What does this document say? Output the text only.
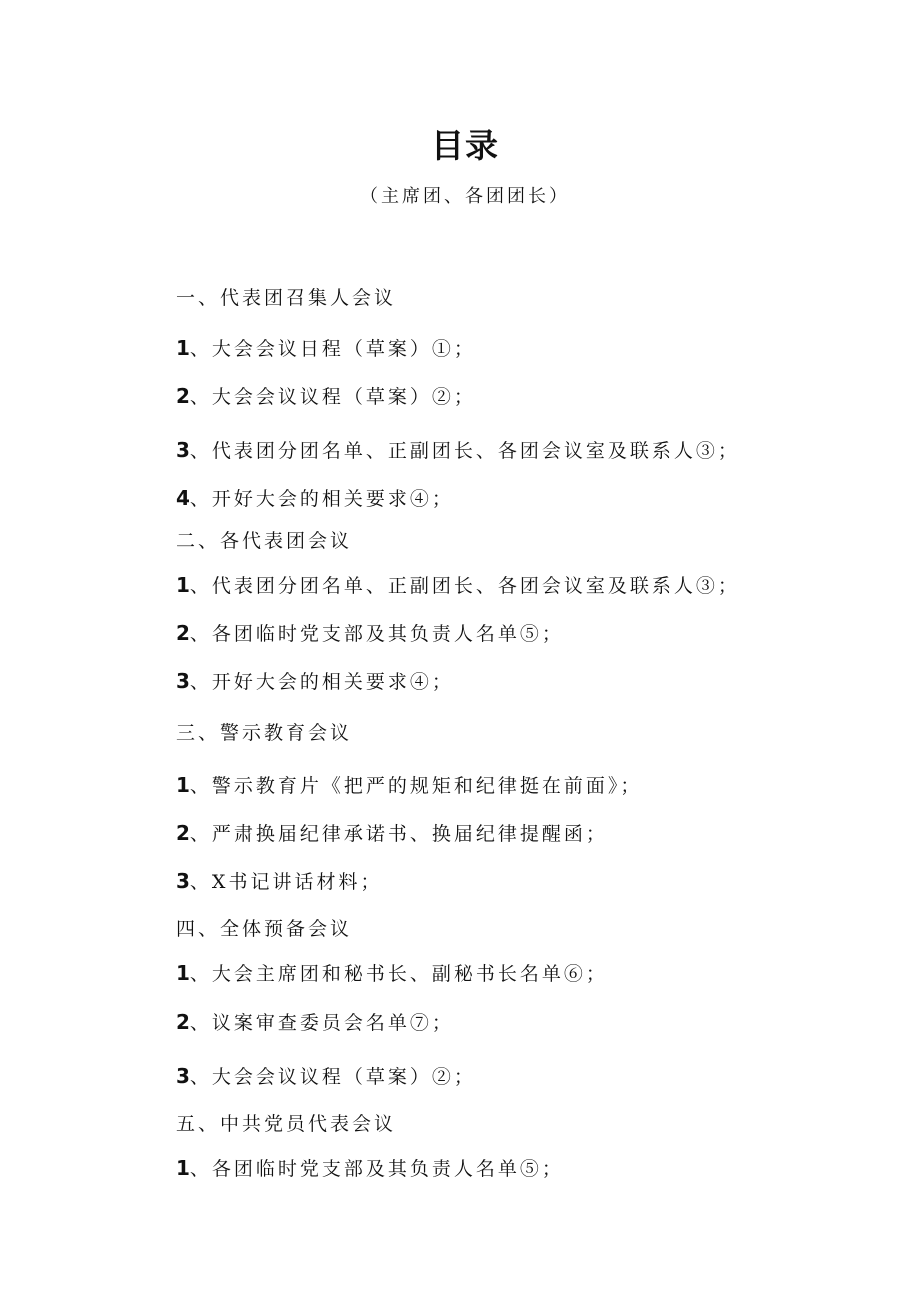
目录
（主席团、各团团长）
一、代表团召集人会议
1、大会会议日程（草案）①；
2、大会会议议程（草案）②；
3、代表团分团名单、正副团长、各团会议室及联系人③；
4、开好大会的相关要求④；
二、各代表团会议
1、代表团分团名单、正副团长、各团会议室及联系人③；
2、各团临时党支部及其负责人名单⑤；
3、开好大会的相关要求④；
三、警示教育会议
1、警示教育片《把严的规矩和纪律挺在前面》；
2、严肃换届纪律承诺书、换届纪律提醒函；
3、X书记讲话材料；
四、全体预备会议
1、大会主席团和秘书长、副秘书长名单⑥；
2、议案审查委员会名单⑦；
3、大会会议议程（草案）②；
五、中共党员代表会议
1、各团临时党支部及其负责人名单⑤；
